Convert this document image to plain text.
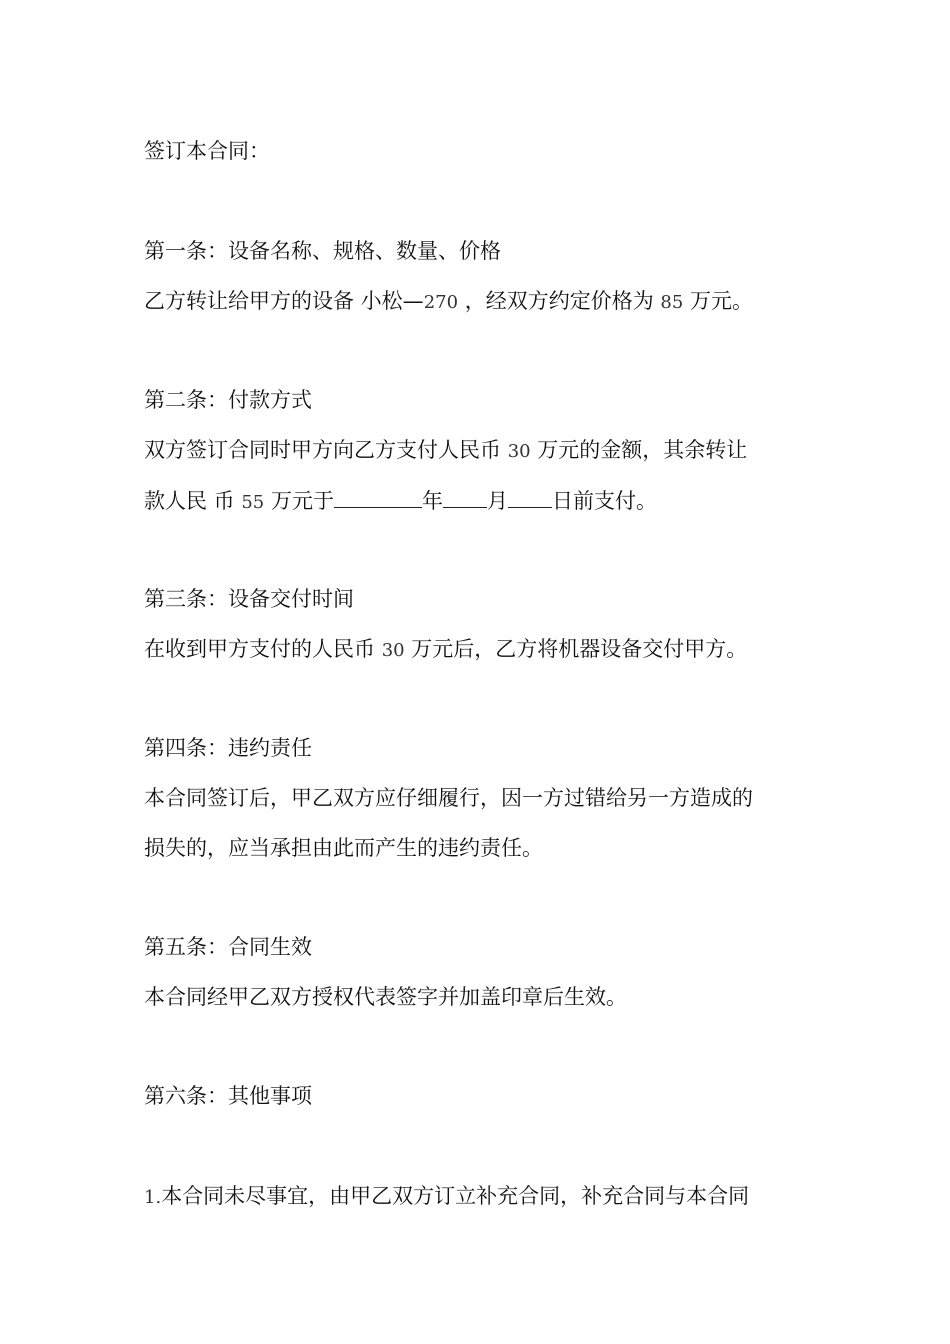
签订本合同：
第一条：设备名称、规格、数量、价格
乙方转让给甲方的设备 小松—270 ，经双方约定价格为 85 万元。
第二条：付款方式
双方签订合同时甲方向乙方支付人民币 30 万元的金额，其余转让
款人民 币 55 万元于	年 月 日前支付。
第三条：设备交付时间
在收到甲方支付的人民币 30 万元后，乙方将机器设备交付甲方。
第四条：违约责任
本合同签订后，甲乙双方应仔细履行，因一方过错给另一方造成的
损失的，应当承担由此而产生的违约责任。
第五条：合同生效
本合同经甲乙双方授权代表签字并加盖印章后生效。
第六条：其他事项
1.本合同未尽事宜，由甲乙双方订立补充合同，补充合同与本合同
